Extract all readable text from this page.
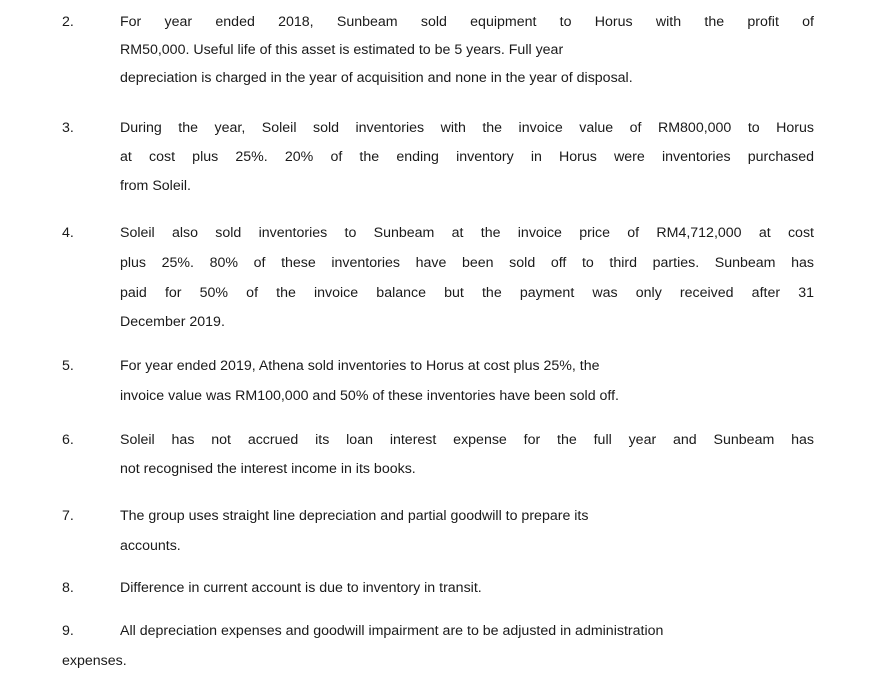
2.	For year ended 2018, Sunbeam sold equipment to Horus with the profit of
RM50,000. Useful life of this asset is estimated to be 5 years. Full year
depreciation is charged in the year of acquisition and none in the year of disposal.
3.	During the year, Soleil sold inventories with the invoice value of RM800,000 to Horus
at cost plus 25%. 20% of the ending inventory in Horus were inventories purchased
from Soleil.
4.	Soleil also sold inventories to Sunbeam at the invoice price of RM4,712,000 at cost
plus 25%. 80% of these inventories have been sold off to third parties. Sunbeam has
paid for 50% of the invoice balance but the payment was only received after 31
December 2019.
5.	For year ended 2019, Athena sold inventories to Horus at cost plus 25%, the
invoice value was RM100,000 and 50% of these inventories have been sold off.
6.	Soleil has not accrued its loan interest expense for the full year and Sunbeam has
not recognised the interest income in its books.
7.	The group uses straight line depreciation and partial goodwill to prepare its
accounts.
8.	Difference in current account is due to inventory in transit.
9.	All depreciation expenses and goodwill impairment are to be adjusted in administration
expenses.
